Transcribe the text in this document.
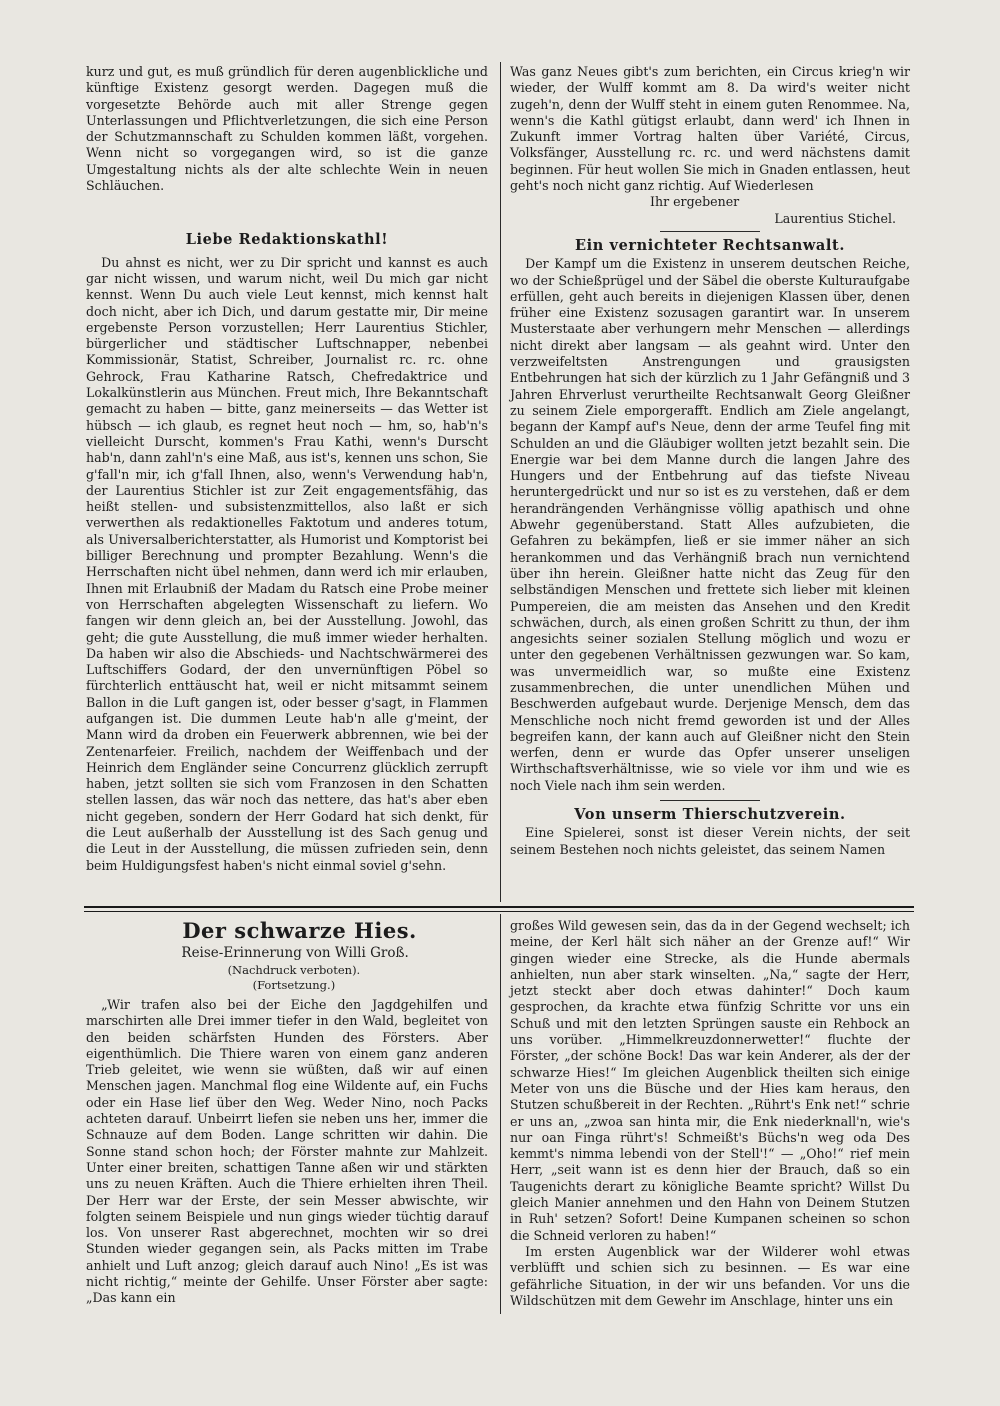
kurz und gut, es muß gründlich für deren augenblickliche und künftige Existenz gesorgt werden. Dagegen muß die vorgesetzte Behörde auch mit aller Strenge gegen Unterlassungen und Pflichtverletzungen, die sich eine Person der Schutzmannschaft zu Schulden kommen läßt, vorgehen. Wenn nicht so vorgegangen wird, so ist die ganze Umgestaltung nichts als der alte schlechte Wein in neuen Schläuchen.

Liebe Redaktionskathl!

Du ahnst es nicht, wer zu Dir spricht und kannst es auch gar nicht wissen, und warum nicht, weil Du mich gar nicht kennst. Wenn Du auch viele Leut kennst, mich kennst halt doch nicht, aber ich Dich, und darum gestatte mir, Dir meine ergebenste Person vorzustellen; Herr Laurentius Stichler, bürgerlicher und städtischer Luftschnapper, nebenbei Kommissionär, Statist, Schreiber, Journalist rc. rc. ohne Gehrock, Frau Katharine Ratsch, Chefredaktrice und Lokalkünstlerin aus München. Freut mich, Ihre Bekanntschaft gemacht zu haben — bitte, ganz meinerseits — das Wetter ist hübsch — ich glaub, es regnet heut noch — hm, so, hab'n's vielleicht Durscht, kommen's Frau Kathi, wenn's Durscht hab'n, dann zahl'n's eine Maß, aus ist's, kennen uns schon, Sie g'fall'n mir, ich g'fall Ihnen, also, wenn's Verwendung hab'n, der Laurentius Stichler ist zur Zeit engagementsfähig, das heißt stellen- und subsistenzmittellos, also laßt er sich verwerthen als redaktionelles Faktotum und anderes totum, als Universalberichterstatter, als Humorist und Komptorist bei billiger Berechnung und prompter Bezahlung. Wenn's die Herrschaften nicht übel nehmen, dann werd ich mir erlauben, Ihnen mit Erlaubniß der Madam du Ratsch eine Probe meiner von Herrschaften abgelegten Wissenschaft zu liefern. Wo fangen wir denn gleich an, bei der Ausstellung. Jowohl, das geht; die gute Ausstellung, die muß immer wieder herhalten. Da haben wir also die Abschieds- und Nachtschwärmerei des Luftschiffers Godard, der den unvernünftigen Pöbel so fürchterlich enttäuscht hat, weil er nicht mitsammt seinem Ballon in die Luft gangen ist, oder besser g'sagt, in Flammen aufgangen ist. Die dummen Leute hab'n alle g'meint, der Mann wird da droben ein Feuerwerk abbrennen, wie bei der Zentenarfeier. Freilich, nachdem der Weiffenbach und der Heinrich dem Engländer seine Concurrenz glücklich zerrupft haben, jetzt sollten sie sich vom Franzosen in den Schatten stellen lassen, das wär noch das nettere, das hat's aber eben nicht gegeben, sondern der Herr Godard hat sich denkt, für die Leut außerhalb der Ausstellung ist des Sach genug und die Leut in der Ausstellung, die müssen zufrieden sein, denn beim Huldigungsfest haben's nicht einmal soviel g'sehn.

Was ganz Neues gibt's zum berichten, ein Circus krieg'n wir wieder, der Wulff kommt am 8. Da wird's weiter nicht zugeh'n, denn der Wulff steht in einem guten Renommee. Na, wenn's die Kathl gütigst erlaubt, dann werd' ich Ihnen in Zukunft immer Vortrag halten über Variété, Circus, Volksfänger, Ausstellung rc. rc. und werd nächstens damit beginnen. Für heut wollen Sie mich in Gnaden entlassen, heut geht's noch nicht ganz richtig. Auf Wiederlesen

Ihr ergebener

Laurentius Stichel.

Ein vernichteter Rechtsanwalt.

Der Kampf um die Existenz in unserem deutschen Reiche, wo der Schießprügel und der Säbel die oberste Kulturaufgabe erfüllen, geht auch bereits in diejenigen Klassen über, denen früher eine Existenz sozusagen garantirt war. In unserem Musterstaate aber verhungern mehr Menschen — allerdings nicht direkt aber langsam — als geahnt wird. Unter den verzweifeltsten Anstrengungen und grausigsten Entbehrungen hat sich der kürzlich zu 1 Jahr Gefängniß und 3 Jahren Ehrverlust verurtheilte Rechtsanwalt Georg Gleißner zu seinem Ziele emporgerafft. Endlich am Ziele angelangt, begann der Kampf auf's Neue, denn der arme Teufel fing mit Schulden an und die Gläubiger wollten jetzt bezahlt sein. Die Energie war bei dem Manne durch die langen Jahre des Hungers und der Entbehrung auf das tiefste Niveau heruntergedrückt und nur so ist es zu verstehen, daß er dem herandrängenden Verhängnisse völlig apathisch und ohne Abwehr gegenüberstand. Statt Alles aufzubieten, die Gefahren zu bekämpfen, ließ er sie immer näher an sich herankommen und das Verhängniß brach nun vernichtend über ihn herein. Gleißner hatte nicht das Zeug für den selbständigen Menschen und frettete sich lieber mit kleinen Pumpereien, die am meisten das Ansehen und den Kredit schwächen, durch, als einen großen Schritt zu thun, der ihm angesichts seiner sozialen Stellung möglich und wozu er unter den gegebenen Verhältnissen gezwungen war. So kam, was unvermeidlich war, so mußte eine Existenz zusammenbrechen, die unter unendlichen Mühen und Beschwerden aufgebaut wurde. Derjenige Mensch, dem das Menschliche noch nicht fremd geworden ist und der Alles begreifen kann, der kann auch auf Gleißner nicht den Stein werfen, denn er wurde das Opfer unserer unseligen Wirthschaftsverhältnisse, wie so viele vor ihm und wie es noch Viele nach ihm sein werden.

Von unserm Thierschutzverein.

Eine Spielerei, sonst ist dieser Verein nichts, der seit seinem Bestehen noch nichts geleistet, das seinem Namen

Der schwarze Hies.

Reise-Erinnerung von Willi Groß.

(Nachdruck verboten).

(Fortsetzung.)

„Wir trafen also bei der Eiche den Jagdgehilfen und marschirten alle Drei immer tiefer in den Wald, begleitet von den beiden schärfsten Hunden des Försters. Aber eigenthümlich. Die Thiere waren von einem ganz anderen Trieb geleitet, wie wenn sie wüßten, daß wir auf einen Menschen jagen. Manchmal flog eine Wildente auf, ein Fuchs oder ein Hase lief über den Weg. Weder Nino, noch Packs achteten darauf. Unbeirrt liefen sie neben uns her, immer die Schnauze auf dem Boden. Lange schritten wir dahin. Die Sonne stand schon hoch; der Förster mahnte zur Mahlzeit. Unter einer breiten, schattigen Tanne aßen wir und stärkten uns zu neuen Kräften. Auch die Thiere erhielten ihren Theil. Der Herr war der Erste, der sein Messer abwischte, wir folgten seinem Beispiele und nun gings wieder tüchtig darauf los. Von unserer Rast abgerechnet, mochten wir so drei Stunden wieder gegangen sein, als Packs mitten im Trabe anhielt und Luft anzog; gleich darauf auch Nino! „Es ist was nicht richtig,“ meinte der Gehilfe. Unser Förster aber sagte: „Das kann ein

großes Wild gewesen sein, das da in der Gegend wechselt; ich meine, der Kerl hält sich näher an der Grenze auf!“ Wir gingen wieder eine Strecke, als die Hunde abermals anhielten, nun aber stark winselten. „Na,“ sagte der Herr, jetzt steckt aber doch etwas dahinter!“ Doch kaum gesprochen, da krachte etwa fünfzig Schritte vor uns ein Schuß und mit den letzten Sprüngen sauste ein Rehbock an uns vorüber. „Himmelkreuzdonnerwetter!“ fluchte der Förster, „der schöne Bock! Das war kein Anderer, als der der schwarze Hies!“ Im gleichen Augenblick theilten sich einige Meter von uns die Büsche und der Hies kam heraus, den Stutzen schußbereit in der Rechten. „Rührt's Enk net!“ schrie er uns an, „zwoa san hinta mir, die Enk niederknall'n, wie's nur oan Finga rührt's! Schmeißt's Büchs'n weg oda Des kemmt's nimma lebendi von der Stell'!“ — „Oho!“ rief mein Herr, „seit wann ist es denn hier der Brauch, daß so ein Taugenichts derart zu königliche Beamte spricht? Willst Du gleich Manier annehmen und den Hahn von Deinem Stutzen in Ruh' setzen? Sofort! Deine Kumpanen scheinen so schon die Schneid verloren zu haben!“

Im ersten Augenblick war der Wilderer wohl etwas verblüfft und schien sich zu besinnen. — Es war eine gefährliche Situation, in der wir uns befanden. Vor uns die Wildschützen mit dem Gewehr im Anschlage, hinter uns ein
